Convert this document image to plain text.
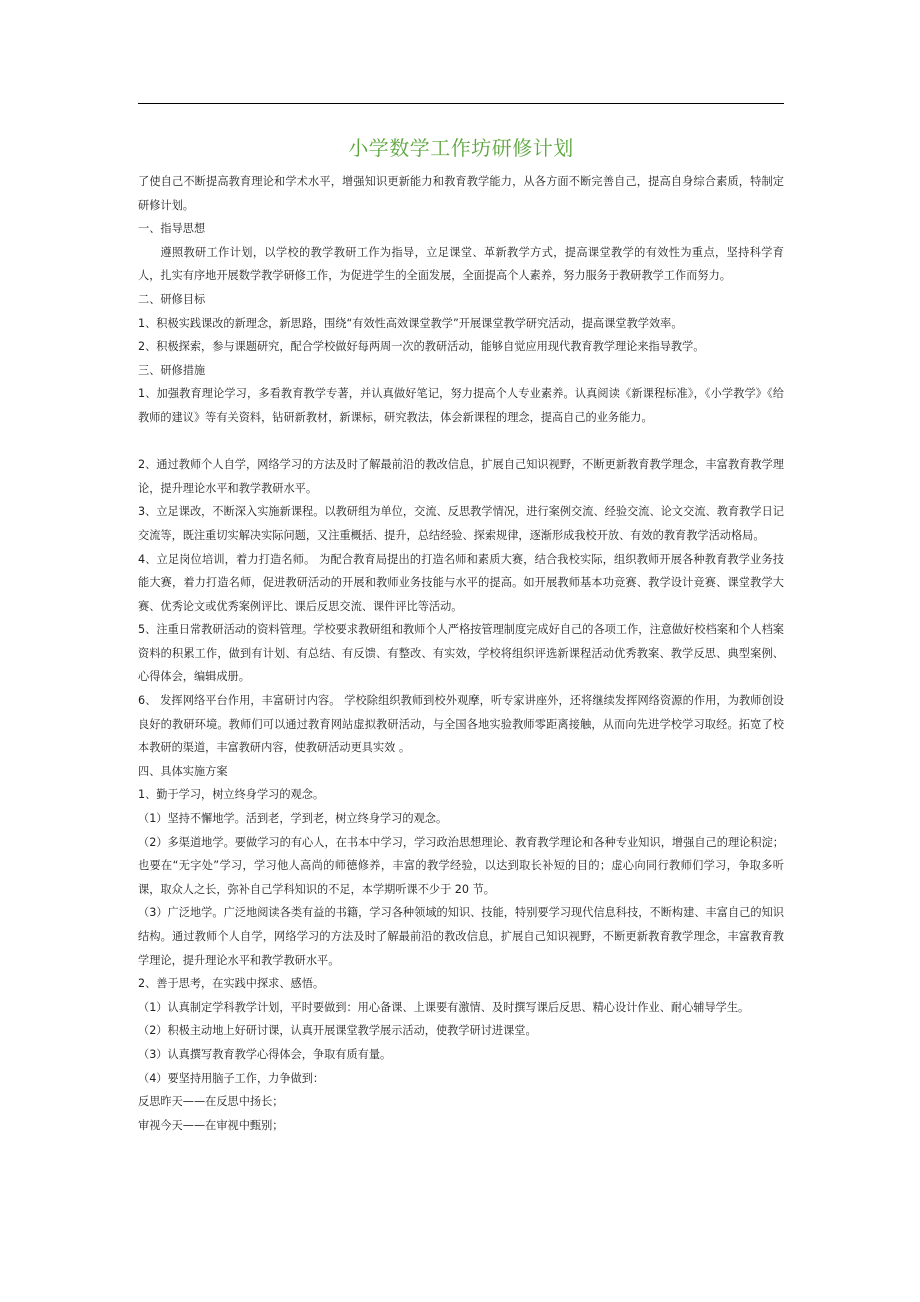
小学数学工作坊研修计划

了使自己不断提高教育理论和学术水平，增强知识更新能力和教育教学能力，从各方面不断完善自己，提高自身综合素质，特制定研修计划。

一、指导思想

遵照教研工作计划，以学校的教学教研工作为指导，立足课堂、革新教学方式，提高课堂教学的有效性为重点，坚持科学育人，扎实有序地开展数学教学研修工作，为促进学生的全面发展，全面提高个人素养，努力服务于教研教学工作而努力。

二、研修目标

1、积极实践课改的新理念，新思路，围绕“有效性高效课堂教学”开展课堂教学研究活动，提高课堂教学效率。

2、积极探索，参与课题研究，配合学校做好每两周一次的教研活动，能够自觉应用现代教育教学理论来指导教学。

三、研修措施

1、加强教育理论学习，多看教育教学专著，并认真做好笔记，努力提高个人专业素养。认真阅读《新课程标准》，《小学教学》《给教师的建议》等有关资料，钻研新教材，新课标，研究教法，体会新课程的理念，提高自己的业务能力。

2、通过教师个人自学，网络学习的方法及时了解最前沿的教改信息，扩展自己知识视野，不断更新教育教学理念，丰富教育教学理论，提升理论水平和教学教研水平。

3、立足课改，不断深入实施新课程。以教研组为单位，交流、反思教学情况，进行案例交流、经验交流、论文交流、教育教学日记交流等，既注重切实解决实际问题，又注重概括、提升，总结经验、探索规律，逐渐形成我校开放、有效的教育教学活动格局。

4、立足岗位培训，着力打造名师。 为配合教育局提出的打造名师和素质大赛，结合我校实际，组织教师开展各种教育教学业务技能大赛，着力打造名师，促进教研活动的开展和教师业务技能与水平的提高。如开展教师基本功竞赛、教学设计竞赛、课堂教学大赛、优秀论文或优秀案例评比、课后反思交流、课件评比等活动。

5、注重日常教研活动的资料管理。学校要求教研组和教师个人严格按管理制度完成好自己的各项工作，注意做好校档案和个人档案资料的积累工作，做到有计划、有总结、有反馈、有整改、有实效，学校将组织评选新课程活动优秀教案、教学反思、典型案例、心得体会，编辑成册。

6、 发挥网络平台作用，丰富研讨内容。 学校除组织教师到校外观摩，听专家讲座外，还将继续发挥网络资源的作用，为教师创设良好的教研环境。教师们可以通过教育网站虚拟教研活动，与全国各地实验教师零距离接触，从而向先进学校学习取经。拓宽了校本教研的渠道，丰富教研内容，使教研活动更具实效 。

四、具体实施方案

1、勤于学习，树立终身学习的观念。

（1）坚持不懈地学。活到老，学到老，树立终身学习的观念。

（2）多渠道地学。要做学习的有心人，在书本中学习，学习政治思想理论、教育教学理论和各种专业知识，增强自己的理论积淀；也要在“无字处”学习，学习他人高尚的师德修养，丰富的教学经验，以达到取长补短的目的；虚心向同行教师们学习，争取多听课，取众人之长，弥补自己学科知识的不足，本学期听课不少于 20 节。

（3）广泛地学。广泛地阅读各类有益的书籍，学习各种领域的知识、技能，特别要学习现代信息科技，不断构建、丰富自己的知识结构。通过教师个人自学，网络学习的方法及时了解最前沿的教改信息，扩展自己知识视野，不断更新教育教学理念，丰富教育教学理论，提升理论水平和教学教研水平。

2、善于思考，在实践中探求、感悟。

（1）认真制定学科教学计划，平时要做到：用心备课、上课要有激情、及时撰写课后反思、精心设计作业、耐心辅导学生。

（2）积极主动地上好研讨课，认真开展课堂教学展示活动，使教学研讨进课堂。

（3）认真撰写教育教学心得体会，争取有质有量。

（4）要坚持用脑子工作，力争做到：

反思昨天——在反思中扬长；

审视今天——在审视中甄别；
